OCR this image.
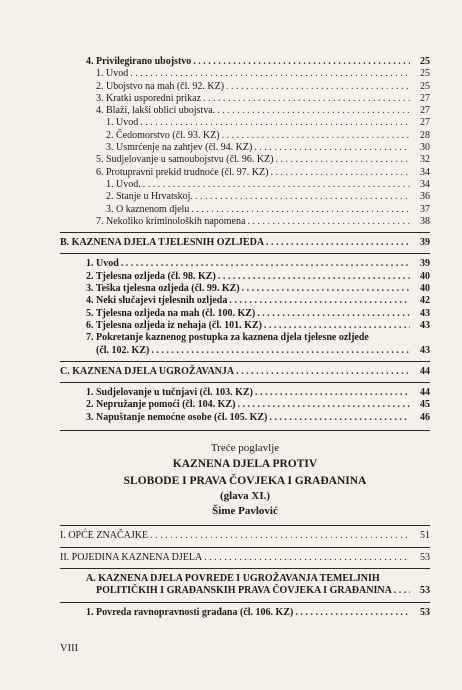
4. Privilegirano ubojstvo . . .	25
1. Uvod . . .	25
2. Ubojstvo na mah (čl. 92. KZ) . . .	25
3. Kratki usporedni prikaz . . .	27
4. Blaži, lakši oblici ubojstva. . . .	27
1. Uvod . . .	27
2. Čedomorstvo (čl. 93. KZ) . . .	28
3. Usmrćenje na zahtjev (čl. 94. KZ) . . .	30
5. Sudjelovanje u samoubojstvu (čl. 96. KZ) . . .	32
6. Protupravni prekid trudnoće (čl. 97. KZ) . . .	34
1. Uvod. . . .	34
2. Stanje u Hrvatskoj. . . .	36
3. O kaznenom djelu . . .	37
7. Nekoliko kriminoloških napomena . . .	38
B. KAZNENA DJELA TJELESNIH OZLJEDA . . .	39
1. Uvod . . .	39
2. Tjelesna ozljeda (čl. 98. KZ) . . .	40
3. Teška tjelesna ozljeda (čl. 99. KZ) . . .	40
4. Neki slučajevi tjelesnih ozljeda . . .	42
5. Tjelesna ozljeda na mah (čl. 100. KZ) . . .	43
6. Tjelesna ozljeda iz nehaja (čl. 101. KZ) . . .	43
7. Pokretanje kaznenog postupka za kaznena djela tjelesne ozljede
(čl. 102. KZ) . . .	43
C. KAZNENA DJELA UGROŽAVANJA . . .	44
1. Sudjelovanje u tučnjavi (čl. 103. KZ) . . .	44
2. Nepružanje pomoći (čl. 104. KZ) . . .	45
3. Napuštanje nemoćne osobe (čl. 105. KZ) . . .	46
Treće poglavlje
KAZNENA DJELA PROTIV
SLOBODE I PRAVA ČOVJEKA I GRAĐANINA
(glava XI.)
Šime Pavlović
I. OPĆE ZNAČAJKE . . .	51
II. POJEDINA KAZNENA DJELA . . .	53
A. KAZNENA DJELA POVREDE I UGROŽAVANJA TEMELJNIH
POLITIČKIH I GRAĐANSKIH PRAVA ČOVJEKA I GRAĐANINA . . .	53
1. Povreda ravnopravnosti građana (čl. 106. KZ) . . .	53
VIII
